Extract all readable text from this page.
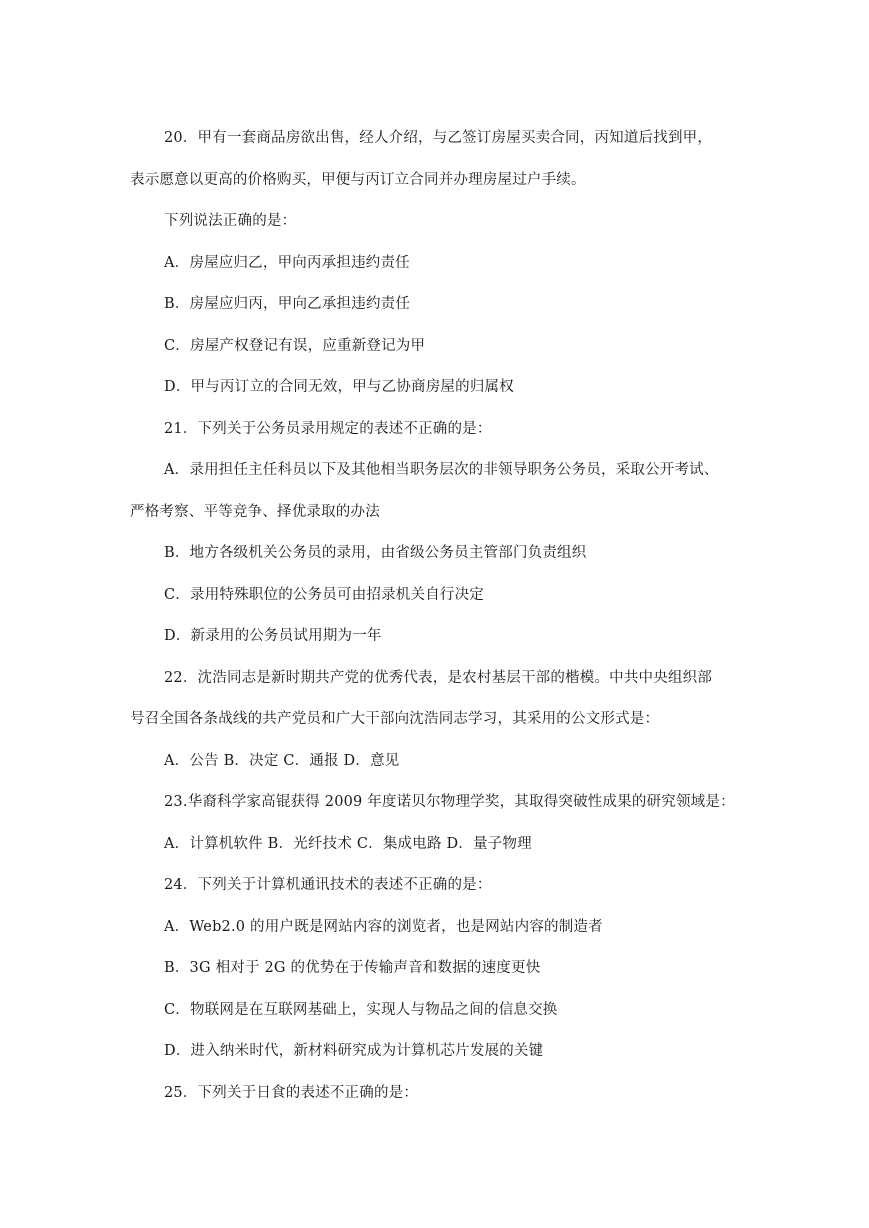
20．甲有一套商品房欲出售，经人介绍，与乙签订房屋买卖合同，丙知道后找到甲，
表示愿意以更高的价格购买，甲便与丙订立合同并办理房屋过户手续。
下列说法正确的是：
A．房屋应归乙，甲向丙承担违约责任
B．房屋应归丙，甲向乙承担违约责任
C．房屋产权登记有误，应重新登记为甲
D．甲与丙订立的合同无效，甲与乙协商房屋的归属权
21．下列关于公务员录用规定的表述不正确的是：
A．录用担任主任科员以下及其他相当职务层次的非领导职务公务员，采取公开考试、
严格考察、平等竞争、择优录取的办法
B．地方各级机关公务员的录用，由省级公务员主管部门负责组织
C．录用特殊职位的公务员可由招录机关自行决定
D．新录用的公务员试用期为一年
22．沈浩同志是新时期共产党的优秀代表，是农村基层干部的楷模。中共中央组织部
号召全国各条战线的共产党员和广大干部向沈浩同志学习，其采用的公文形式是：
A．公告 B．决定 C．通报 D．意见
23.华裔科学家高锟获得 2009 年度诺贝尔物理学奖，其取得突破性成果的研究领域是：
A．计算机软件 B．光纤技术 C．集成电路 D．量子物理
24．下列关于计算机通讯技术的表述不正确的是：
A．Web2.0 的用户既是网站内容的浏览者，也是网站内容的制造者
B．3G 相对于 2G 的优势在于传输声音和数据的速度更快
C．物联网是在互联网基础上，实现人与物品之间的信息交换
D．进入纳米时代，新材料研究成为计算机芯片发展的关键
25．下列关于日食的表述不正确的是：
